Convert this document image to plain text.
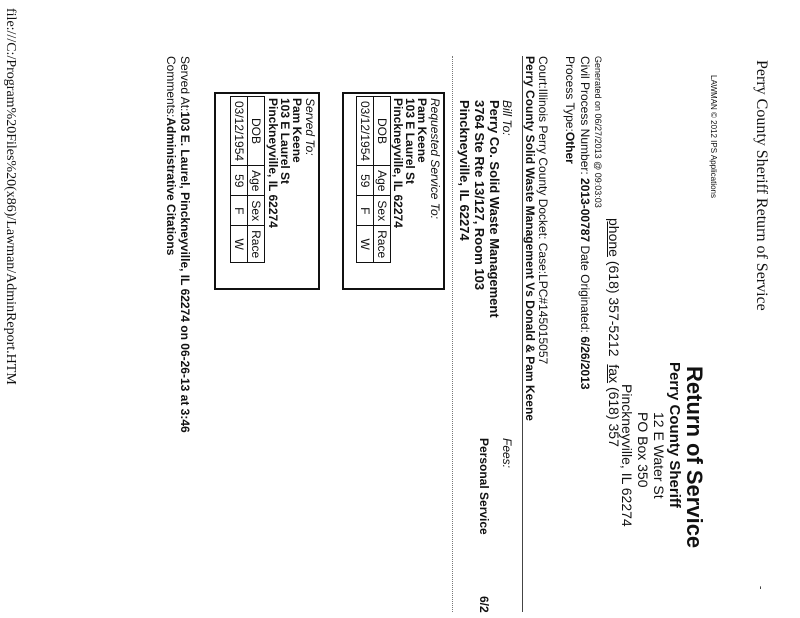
Perry County Sheriff Return of Service
-
LAWMAN © 2012 IPS Applications
Return of Service
Perry County Sheriff
12 E Water St
PO Box 350
Pinckneyville, IL 62274
phone (618) 357-5212  fax (618) 357
Generated on 06/27/2013 @ 09:03:03
Civil Process Number: 2013-00787 Date Originated: 6/26/2013
Process Type:Other
Court:Illinois Perry County Docket: Case:LPC#145015057
Perry County Solid Waste Management Vs Donald & Pam Keene
Bill To:
Perry Co. Solid Waste Management
3764 Ste Rte 13/127, Room 103
Pinckneyville, IL 62274
Fees:
Personal Service
6/2
Requested Service To:
Pam Keene
103 E Laurel St
Pinckneyville, IL 62274
DOB	Age	Sex	Race
03/12/1954	59	F	W
Served To:
Pam Keene
103 E Laurel St
Pinckneyville, IL 62274
DOB	Age	Sex	Race
03/12/1954	59	F	W
Served At:103 E. Laurel, Pinckneyville, IL 62274 on 06-26-13 at 3:46
Comments:Administrative Citations
file:///C:/Program%20Files%20(x86)/Lawman/AdminReport.HTM
